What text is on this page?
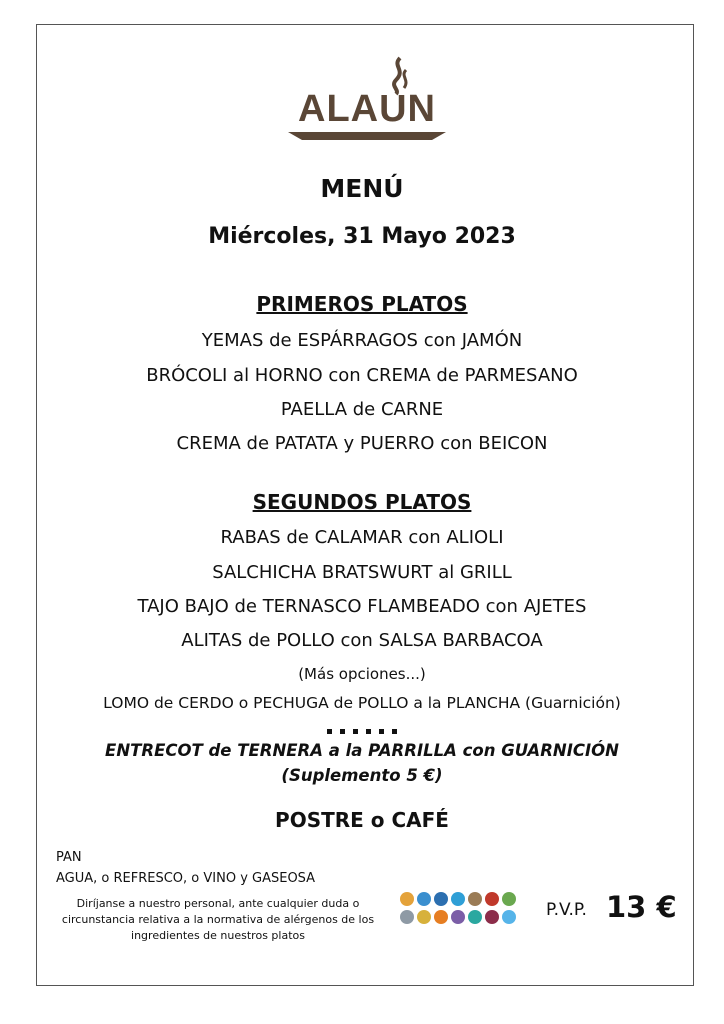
ALAUN
14
MENÚ
Miércoles, 31 Mayo 2023
PRIMEROS PLATOS
YEMAS de ESPÁRRAGOS con JAMÓN
BRÓCOLI al HORNO con CREMA de PARMESANO
PAELLA de CARNE
CREMA de PATATA y PUERRO con BEICON
SEGUNDOS PLATOS
RABAS de CALAMAR con ALIOLI
SALCHICHA BRATSWURT al GRILL
TAJO BAJO de TERNASCO FLAMBEADO con AJETES
ALITAS de POLLO con SALSA BARBACOA
(Más opciones...)
LOMO de CERDO o PECHUGA de POLLO a la PLANCHA (Guarnición)
ENTRECOT de TERNERA a la PARRILLA con GUARNICIÓN
(Suplemento 5 €)
POSTRE o CAFÉ
PAN
AGUA, o REFRESCO, o VINO y GASEOSA
Diríjanse a nuestro personal, ante cualquier duda o circunstancia relativa a la normativa de alérgenos de los ingredientes de nuestros platos
P.V.P. 13 €
